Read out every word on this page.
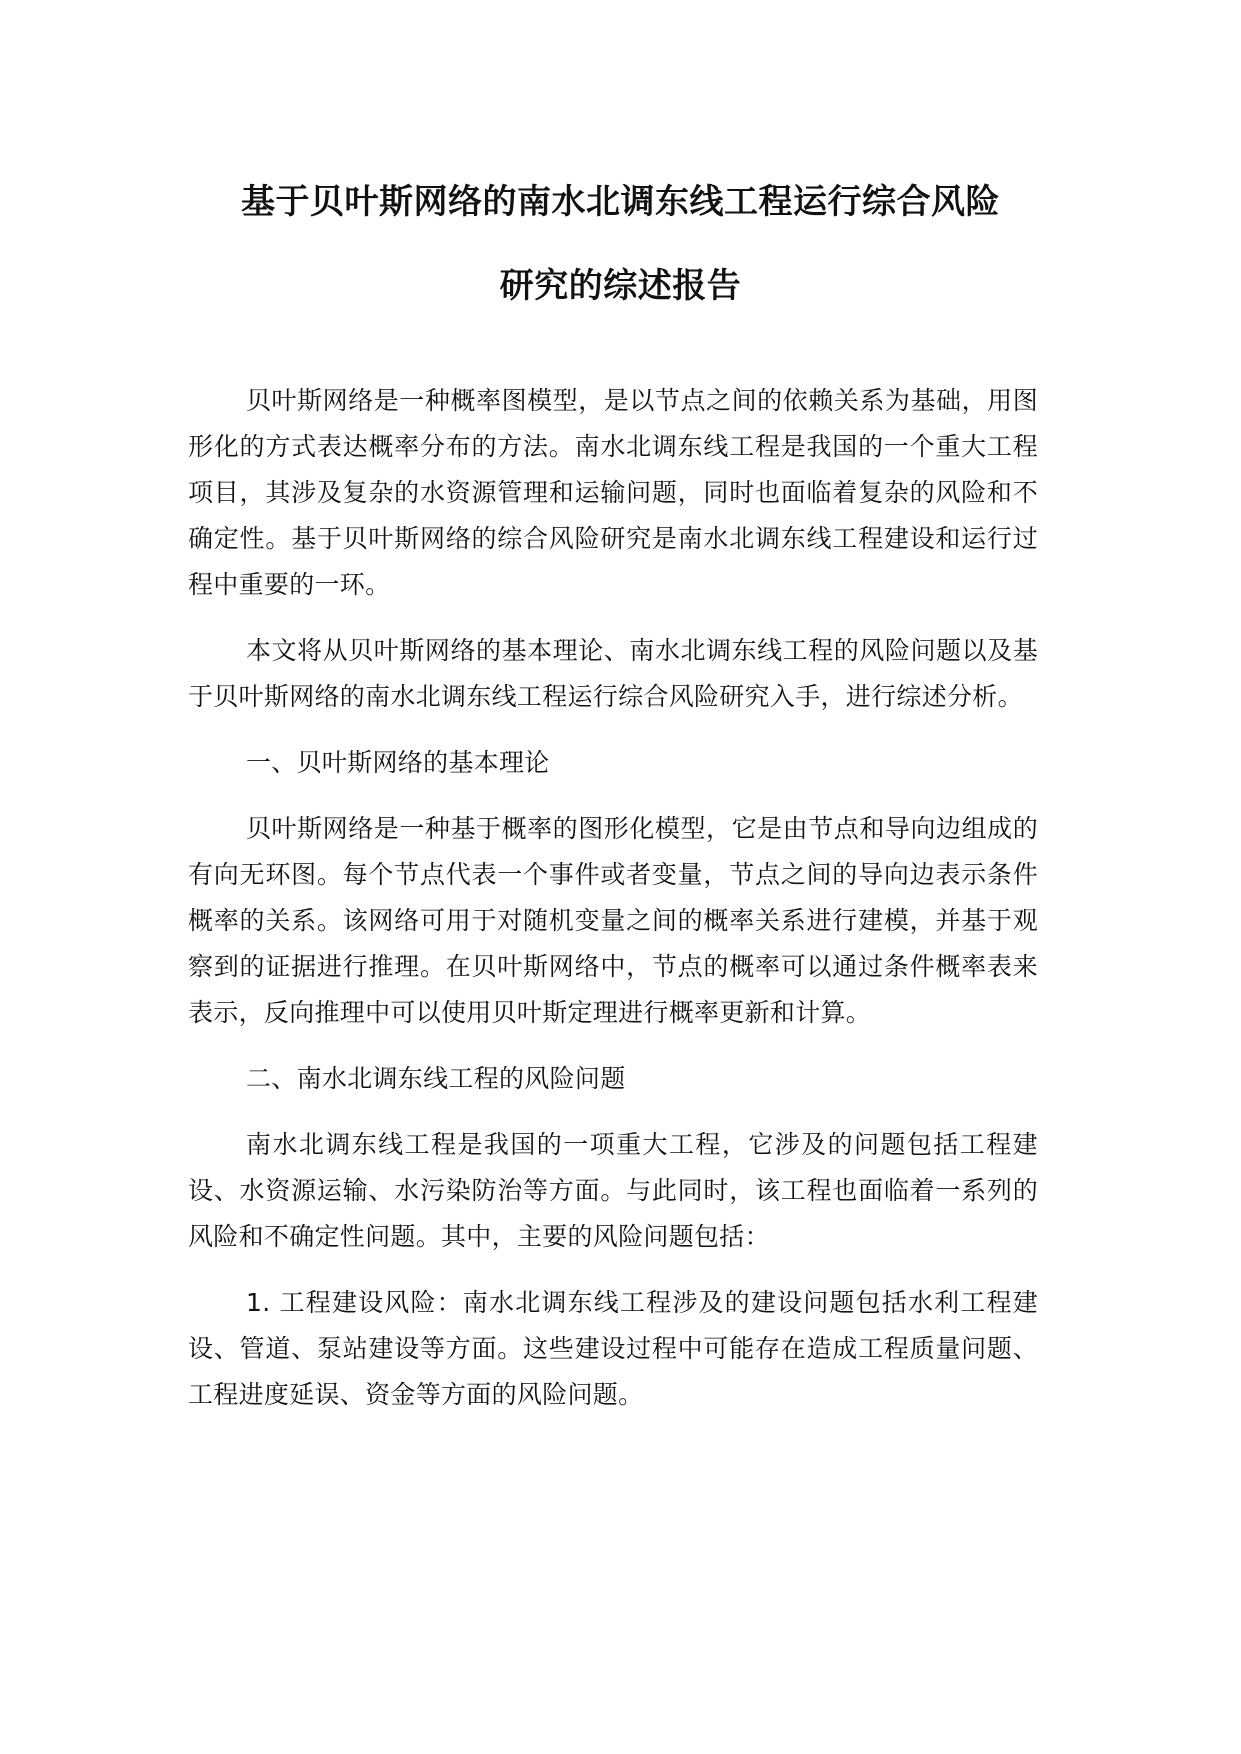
基于贝叶斯网络的南水北调东线工程运行综合风险
研究的综述报告

贝叶斯网络是一种概率图模型，是以节点之间的依赖关系为基础，用图形化的方式表达概率分布的方法。南水北调东线工程是我国的一个重大工程项目，其涉及复杂的水资源管理和运输问题，同时也面临着复杂的风险和不确定性。基于贝叶斯网络的综合风险研究是南水北调东线工程建设和运行过程中重要的一环。

本文将从贝叶斯网络的基本理论、南水北调东线工程的风险问题以及基于贝叶斯网络的南水北调东线工程运行综合风险研究入手，进行综述分析。

一、贝叶斯网络的基本理论

贝叶斯网络是一种基于概率的图形化模型，它是由节点和导向边组成的有向无环图。每个节点代表一个事件或者变量，节点之间的导向边表示条件概率的关系。该网络可用于对随机变量之间的概率关系进行建模，并基于观察到的证据进行推理。在贝叶斯网络中，节点的概率可以通过条件概率表来表示，反向推理中可以使用贝叶斯定理进行概率更新和计算。

二、南水北调东线工程的风险问题

南水北调东线工程是我国的一项重大工程，它涉及的问题包括工程建设、水资源运输、水污染防治等方面。与此同时，该工程也面临着一系列的风险和不确定性问题。其中，主要的风险问题包括：

1. 工程建设风险：南水北调东线工程涉及的建设问题包括水利工程建设、管道、泵站建设等方面。这些建设过程中可能存在造成工程质量问题、工程进度延误、资金等方面的风险问题。
